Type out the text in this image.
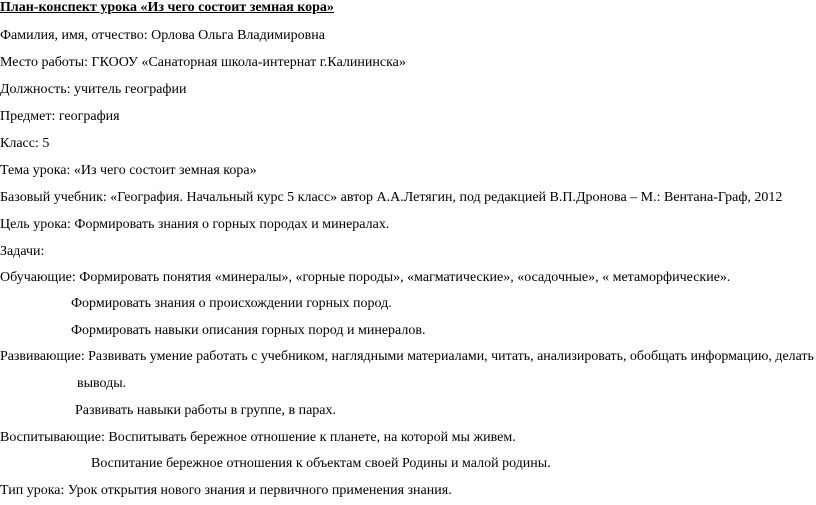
План-конспект урока «Из чего состоит земная кора»
Фамилия, имя, отчество: Орлова Ольга Владимировна
Место работы: ГКООУ «Санаторная школа-интернат г.Калининска»
Должность: учитель географии
Предмет: география
Класс: 5
Тема урока: «Из чего состоит земная кора»
Базовый учебник: «География. Начальный курс 5 класс» автор А.А.Летягин, под редакцией В.П.Дронова – М.: Вентана-Граф, 2012
Цель урока: Формировать знания о горных породах и минералах.
Задачи:
Обучающие: Формировать понятия «минералы», «горные породы», «магматические», «осадочные», « метаморфические».
Формировать знания о происхождении горных пород.
Формировать навыки описания горных пород и минералов.
Развивающие: Развивать умение работать с учебником, наглядными материалами, читать, анализировать, обобщать информацию, делать
выводы.
Развивать навыки работы в группе, в парах.
Воспитывающие: Воспитывать бережное отношение к планете, на которой мы живем.
Воспитание бережное отношения к объектам своей Родины и малой родины.
Тип урока: Урок открытия нового знания и первичного применения знания.
